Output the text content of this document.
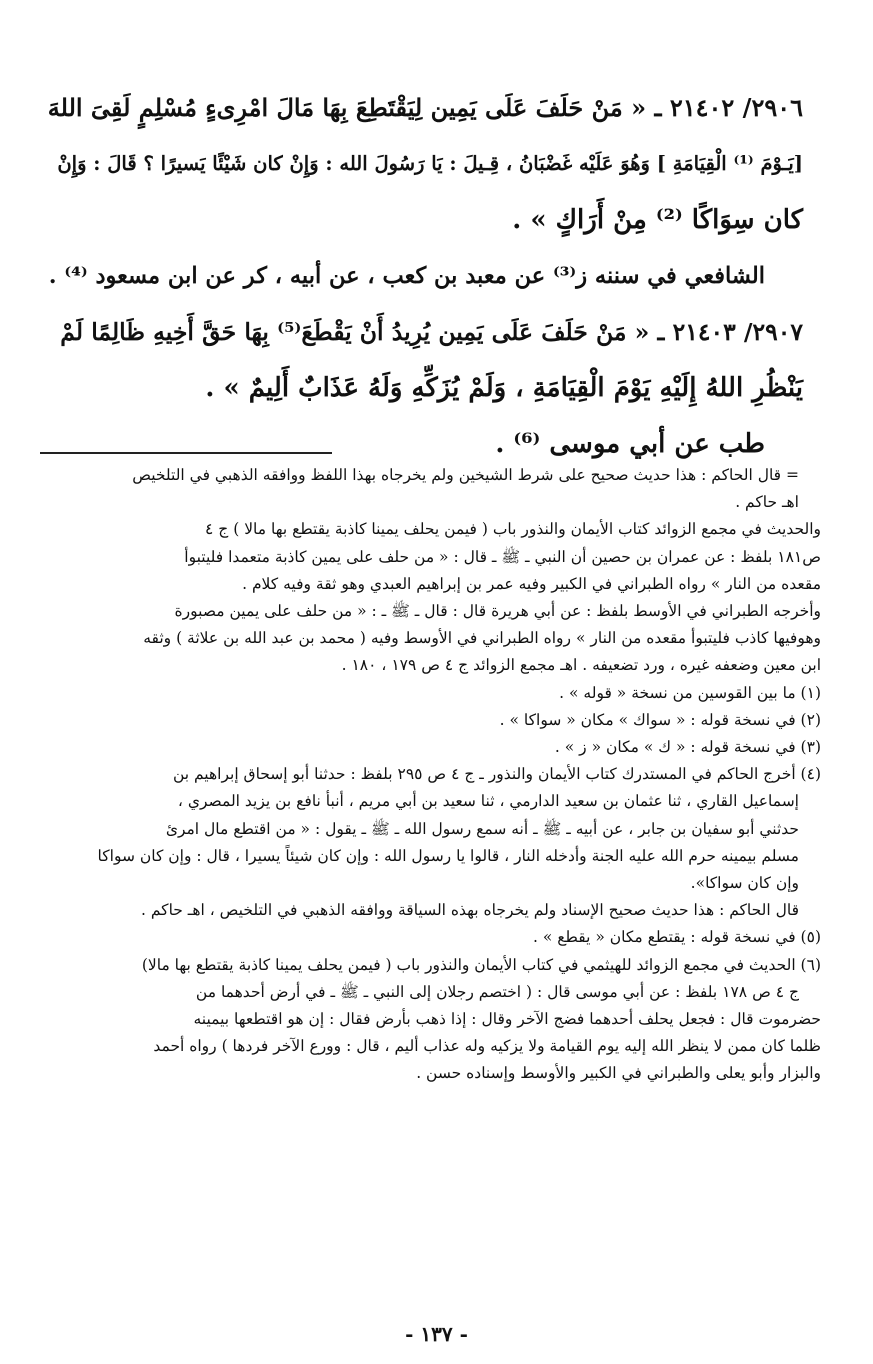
٢٩٠٦/ ٢١٤٠٢ ـ « مَنْ حَلَفَ عَلَى يَمِين لِيَقْتَطِعَ بِهَا مَالَ امْرِىءٍ مُسْلِمٍ لَقِىَ اللهَ
[يَـوْمَ ⁽¹⁾ الْقِيَامَةِ ] وَهُوَ عَلَيْه غَضْبَانُ ، قِـيلَ : يَا رَسُولَ الله : وَإِنْ كان شَيْئًا يَسيرًا ؟ قَالَ : وَإِنْ
كان سِوَاكًا ⁽²⁾ مِنْ أَرَاكٍ » .
الشافعي في سننه ز⁽³⁾ عن معبد بن كعب ، عن أبيه ، كر عن ابن مسعود ⁽⁴⁾ .
٢٩٠٧/ ٢١٤٠٣ ـ « مَنْ حَلَفَ عَلَى يَمِين يُرِيدُ أَنْ يَقْطَعَ⁽⁵⁾ بِهَا حَقَّ أَخِيهِ ظَالِمًا لَمْ
يَنْظُرِ اللهُ إِلَيْهِ يَوْمَ الْقِيَامَةِ ، وَلَمْ يُزَكِّهِ وَلَهُ عَذَابٌ أَلِيمٌ » .
طب عن أبي موسى ⁽⁶⁾ .
= قال الحاكم : هذا حديث صحيح على شرط الشيخين ولم يخرجاه بهذا اللفظ ووافقه الذهبي في التلخيص
اهـ حاكم .
والحديث في مجمع الزوائد كتاب الأيمان والنذور باب ( فيمن يحلف يمينا كاذبة يقتطع بها مالا ) ج ٤
ص١٨١ بلفظ : عن عمران بن حصين أن النبي ـ ﷺ ـ قال : « من حلف على يمين كاذبة متعمدا فليتبوأ
مقعده من النار » رواه الطبراني في الكبير وفيه عمر بن إبراهيم العبدي وهو ثقة وفيه كلام .
وأخرجه الطبراني في الأوسط بلفظ : عن أبي هريرة قال : قال ـ ﷺ ـ : « من حلف على يمين مصبورة
وهوفيها كاذب فليتبوأ مقعده من النار » رواه الطبراني في الأوسط وفيه ( محمد بن عبد الله بن علاثة ) وثقه
ابن معين وضعفه غيره ، ورد تضعيفه . اهـ مجمع الزوائد ج ٤ ص ١٧٩ ، ١٨٠ .
(١) ما بين القوسين من نسخة « قوله » .
(٢) في نسخة قوله : « سواك » مكان « سواكا » .
(٣) في نسخة قوله : « ك » مكان « ز » .
(٤) أخرج الحاكم في المستدرك كتاب الأيمان والنذور ـ ج ٤ ص ٢٩٥ بلفظ : حدثنا أبو إسحاق إبراهيم بن
إسماعيل القاري ، ثنا عثمان بن سعيد الدارمي ، ثنا سعيد بن أبي مريم ، أنبأ نافع بن يزيد المصري ،
حدثني أبو سفيان بن جابر ، عن أبيه ـ ﷺ ـ أنه سمع رسول الله ـ ﷺ ـ يقول : « من اقتطع مال امرئ
مسلم بيمينه حرم الله عليه الجنة وأدخله النار ، قالوا يا رسول الله : وإن كان شيئاً يسيرا ، قال : وإن كان سواكا
وإن كان سواكا».
قال الحاكم : هذا حديث صحيح الإسناد ولم يخرجاه بهذه السياقة ووافقه الذهبي في التلخيص ، اهـ حاكم .
(٥) في نسخة قوله : يقتطع مكان « يقطع » .
(٦) الحديث في مجمع الزوائد للهيثمي في كتاب الأيمان والنذور باب ( فيمن يحلف يمينا كاذبة يقتطع بها مالا)
ج ٤ ص ١٧٨ بلفظ : عن أبي موسى قال : ( اختصم رجلان إلى النبي ـ ﷺ ـ في أرض أحدهما من
حضرموت قال : فجعل يحلف أحدهما فضج الآخر وقال : إذا ذهب بأرض فقال : إن هو اقتطعها بيمينه
ظلما كان ممن لا ينظر الله إليه يوم القيامة ولا يزكيه وله عذاب أليم ، قال : وورع الآخر فردها ) رواه أحمد
والبزار وأبو يعلى والطبراني في الكبير والأوسط وإسناده حسن .
- ١٣٧ -
